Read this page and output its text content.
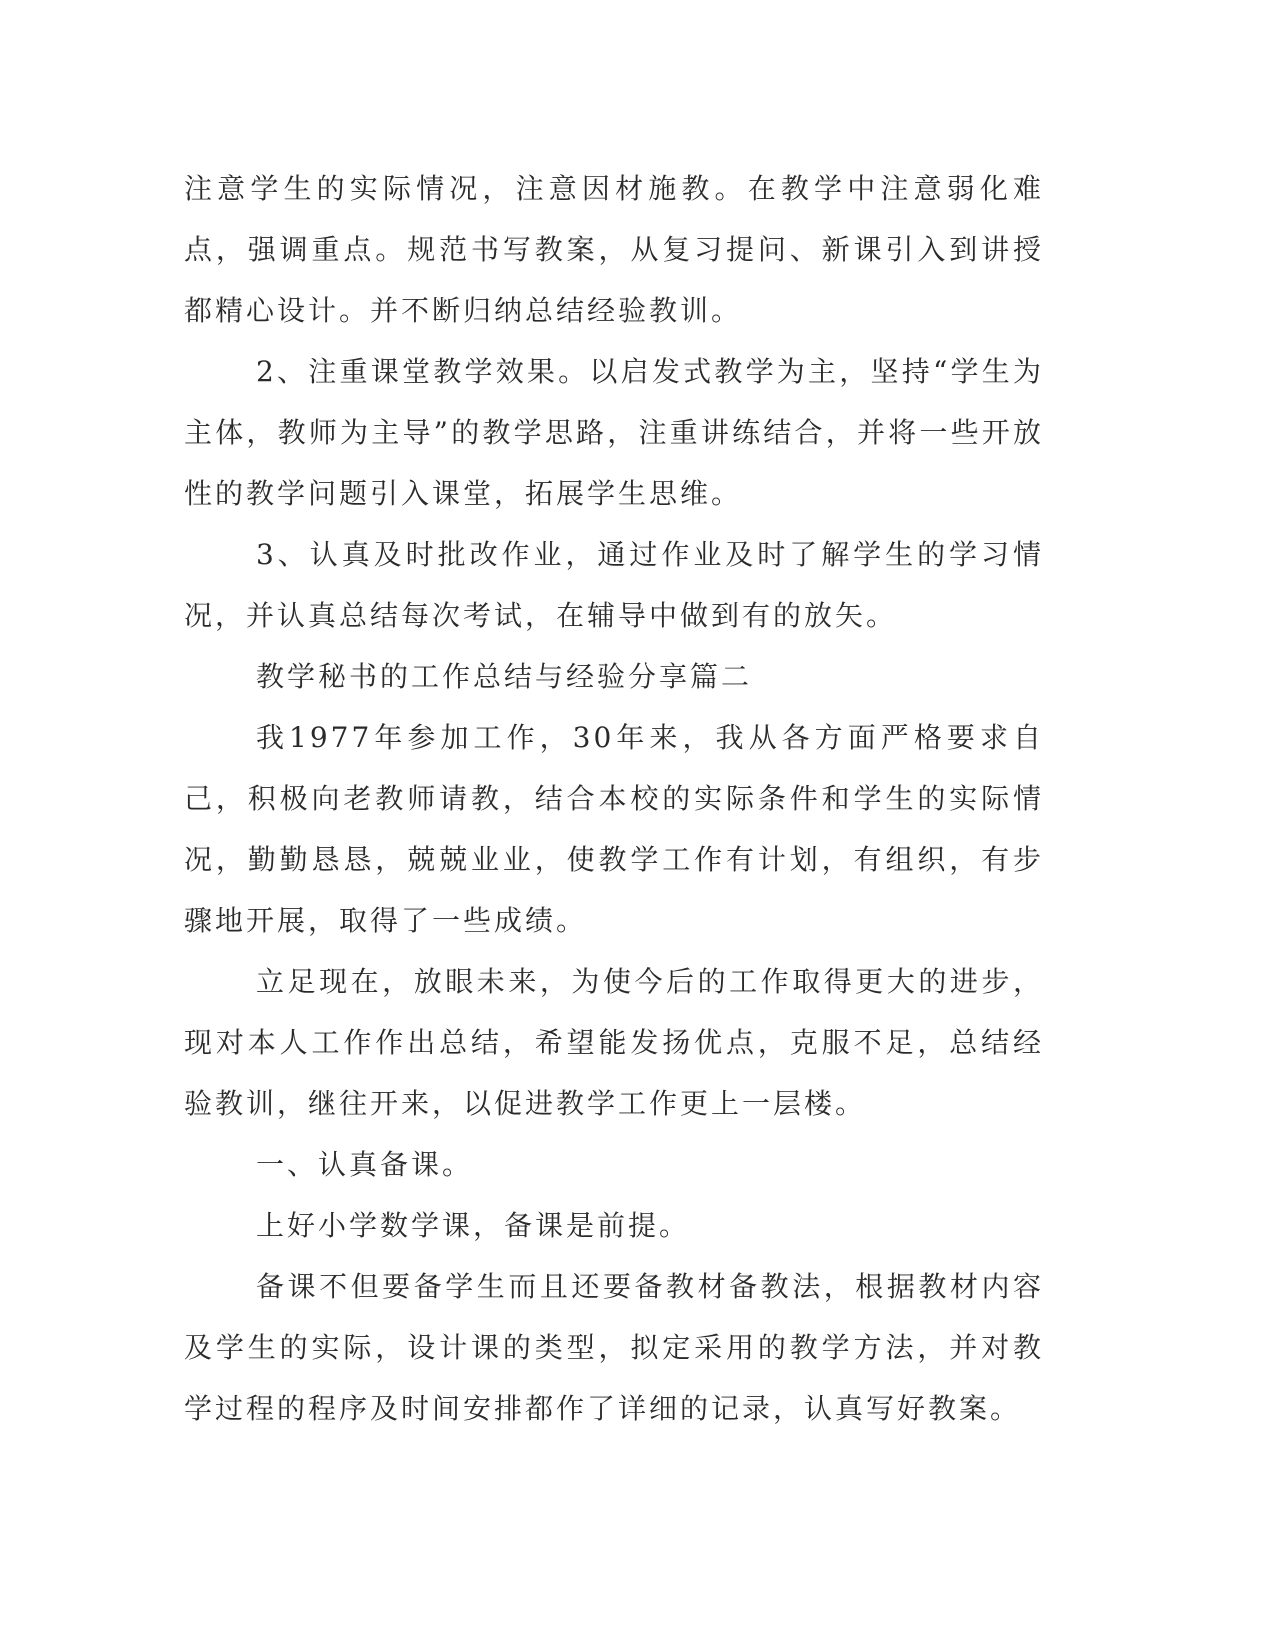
注意学生的实际情况，注意因材施教。在教学中注意弱化难点，强调重点。规范书写教案，从复习提问、新课引入到讲授都精心设计。并不断归纳总结经验教训。

2、注重课堂教学效果。以启发式教学为主，坚持“学生为主体，教师为主导”的教学思路，注重讲练结合，并将一些开放性的教学问题引入课堂，拓展学生思维。

3、认真及时批改作业，通过作业及时了解学生的学习情况，并认真总结每次考试，在辅导中做到有的放矢。

教学秘书的工作总结与经验分享篇二

我1977年参加工作，30年来，我从各方面严格要求自己，积极向老教师请教，结合本校的实际条件和学生的实际情况，勤勤恳恳，兢兢业业，使教学工作有计划，有组织，有步骤地开展，取得了一些成绩。

立足现在，放眼未来，为使今后的工作取得更大的进步，现对本人工作作出总结，希望能发扬优点，克服不足，总结经验教训，继往开来，以促进教学工作更上一层楼。

一、认真备课。

上好小学数学课，备课是前提。

备课不但要备学生而且还要备教材备教法，根据教材内容及学生的实际，设计课的类型，拟定采用的教学方法，并对教学过程的程序及时间安排都作了详细的记录，认真写好教案。
